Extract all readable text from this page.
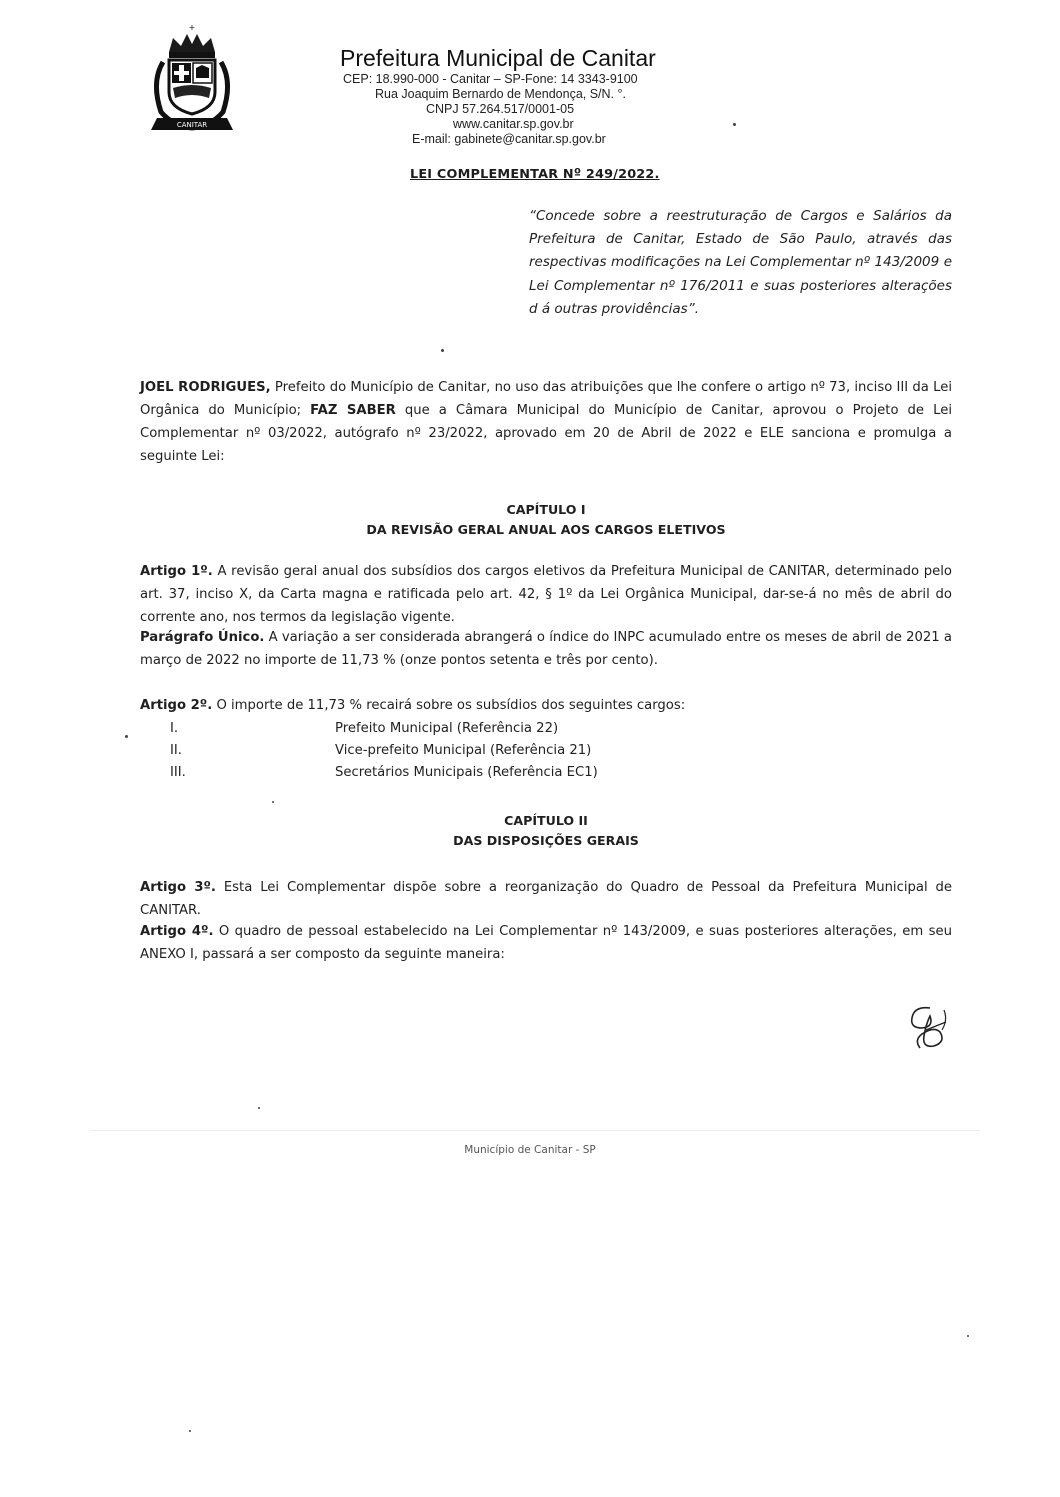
+
CANITAR
Prefeitura Municipal de Canitar
CEP: 18.990-000 - Canitar – SP-Fone: 14 3343-9100
Rua Joaquim Bernardo de Mendonça, S/N. °.
CNPJ 57.264.517/0001-05
www.canitar.sp.gov.br
E-mail: gabinete@canitar.sp.gov.br
LEI COMPLEMENTAR Nº 249/2022.
“Concede sobre a reestruturação de Cargos e Salários da Prefeitura de Canitar, Estado de São Paulo, através das respectivas modificações na Lei Complementar nº 143/2009 e Lei Complementar nº 176/2011 e suas posteriores alterações d á outras providências”.
JOEL RODRIGUES, Prefeito do Município de Canitar, no uso das atribuições que lhe confere o artigo nº 73, inciso III da Lei Orgânica do Município; FAZ SABER que a Câmara Municipal do Município de Canitar, aprovou o Projeto de Lei Complementar nº 03/2022, autógrafo nº 23/2022, aprovado em 20 de Abril de 2022 e ELE sanciona e promulga a seguinte Lei:
CAPÍTULO I
DA REVISÃO GERAL ANUAL AOS CARGOS ELETIVOS
Artigo 1º. A revisão geral anual dos subsídios dos cargos eletivos da Prefeitura Municipal de CANITAR, determinado pelo art. 37, inciso X, da Carta magna e ratificada pelo art. 42, § 1º da Lei Orgânica Municipal, dar-se-á no mês de abril do corrente ano, nos termos da legislação vigente.
Parágrafo Único. A variação a ser considerada abrangerá o índice do INPC acumulado entre os meses de abril de 2021 a março de 2022 no importe de 11,73 % (onze pontos setenta e três por cento).
Artigo 2º. O importe de 11,73 % recairá sobre os subsídios dos seguintes cargos:
I.	Prefeito Municipal (Referência 22)
II.	Vice-prefeito Municipal (Referência 21)
III.	Secretários Municipais (Referência EC1)
CAPÍTULO II
DAS DISPOSIÇÕES GERAIS
Artigo 3º. Esta Lei Complementar dispõe sobre a reorganização do Quadro de Pessoal da Prefeitura Municipal de CANITAR.
Artigo 4º. O quadro de pessoal estabelecido na Lei Complementar nº 143/2009, e suas posteriores alterações, em seu ANEXO I, passará a ser composto da seguinte maneira:
Município de Canitar - SP
